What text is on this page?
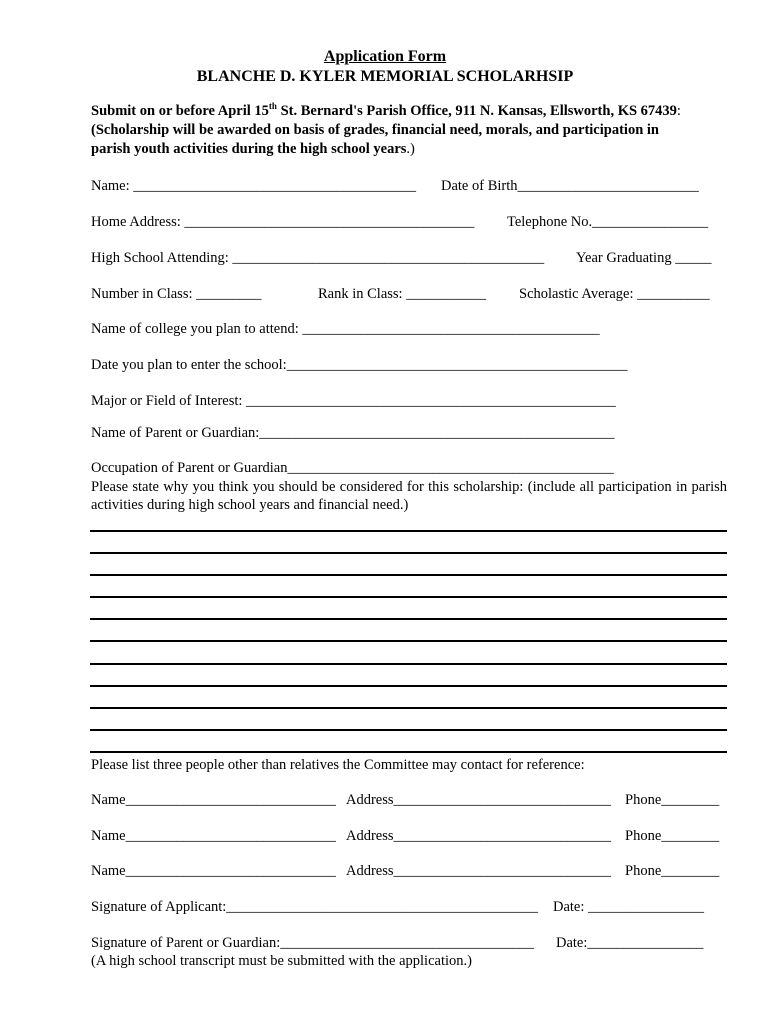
Application Form
BLANCHE D. KYLER MEMORIAL SCHOLARHSIP
Submit on or before April 15th St. Bernard's Parish Office, 911 N. Kansas, Ellsworth, KS 67439:
(Scholarship will be awarded on basis of grades, financial need, morals, and participation in
parish youth activities during the high school years.)
Name: _______________________________________ Date of Birth_________________________
Home Address: ________________________________________ Telephone No.________________
High School Attending: ___________________________________________ Year Graduating _____
Number in Class: _________	Rank in Class: ___________ Scholastic Average: __________
Name of college you plan to attend: _________________________________________
Date you plan to enter the school:_______________________________________________
Major or Field of Interest: ___________________________________________________
Name of Parent or Guardian:_________________________________________________
Occupation of Parent or Guardian_____________________________________________
Please state why you think you should be considered for this scholarship: (include all participation in parish activities during high school years and financial need.)
Please list three people other than relatives the Committee may contact for reference:
Name_____________________________ Address______________________________ Phone________
Name_____________________________ Address______________________________ Phone________
Name_____________________________ Address______________________________ Phone________
Signature of Applicant:___________________________________________ Date: ________________
Signature of Parent or Guardian:___________________________________ Date:________________
(A high school transcript must be submitted with the application.)
